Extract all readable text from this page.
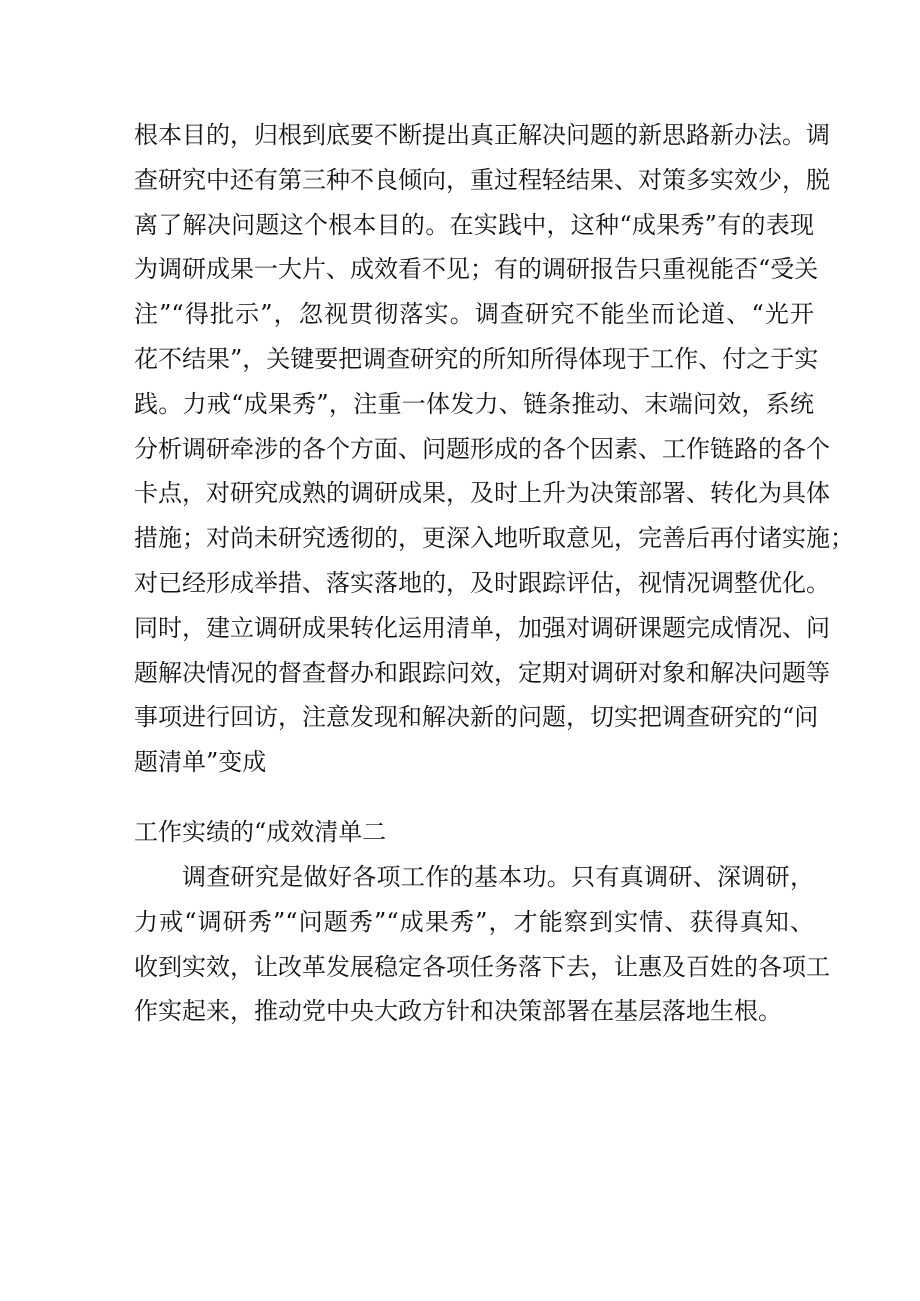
根本目的，归根到底要不断提出真正解决问题的新思路新办法。调
查研究中还有第三种不良倾向，重过程轻结果、对策多实效少，脱
离了解决问题这个根本目的。在实践中，这种“成果秀”有的表现
为调研成果一大片、成效看不见；有的调研报告只重视能否“受关
注”“得批示”，忽视贯彻落实。调查研究不能坐而论道、“光开
花不结果”，关键要把调查研究的所知所得体现于工作、付之于实
践。力戒“成果秀”，注重一体发力、链条推动、末端问效，系统
分析调研牵涉的各个方面、问题形成的各个因素、工作链路的各个
卡点，对研究成熟的调研成果，及时上升为决策部署、转化为具体
措施；对尚未研究透彻的，更深入地听取意见，完善后再付诸实施；
对已经形成举措、落实落地的，及时跟踪评估，视情况调整优化。
同时，建立调研成果转化运用清单，加强对调研课题完成情况、问
题解决情况的督查督办和跟踪问效，定期对调研对象和解决问题等
事项进行回访，注意发现和解决新的问题，切实把调查研究的“问
题清单”变成
工作实绩的“成效清单二
调查研究是做好各项工作的基本功。只有真调研、深调研，
力戒“调研秀”“问题秀”“成果秀”，才能察到实情、获得真知、
收到实效，让改革发展稳定各项任务落下去，让惠及百姓的各项工
作实起来，推动党中央大政方针和决策部署在基层落地生根。
